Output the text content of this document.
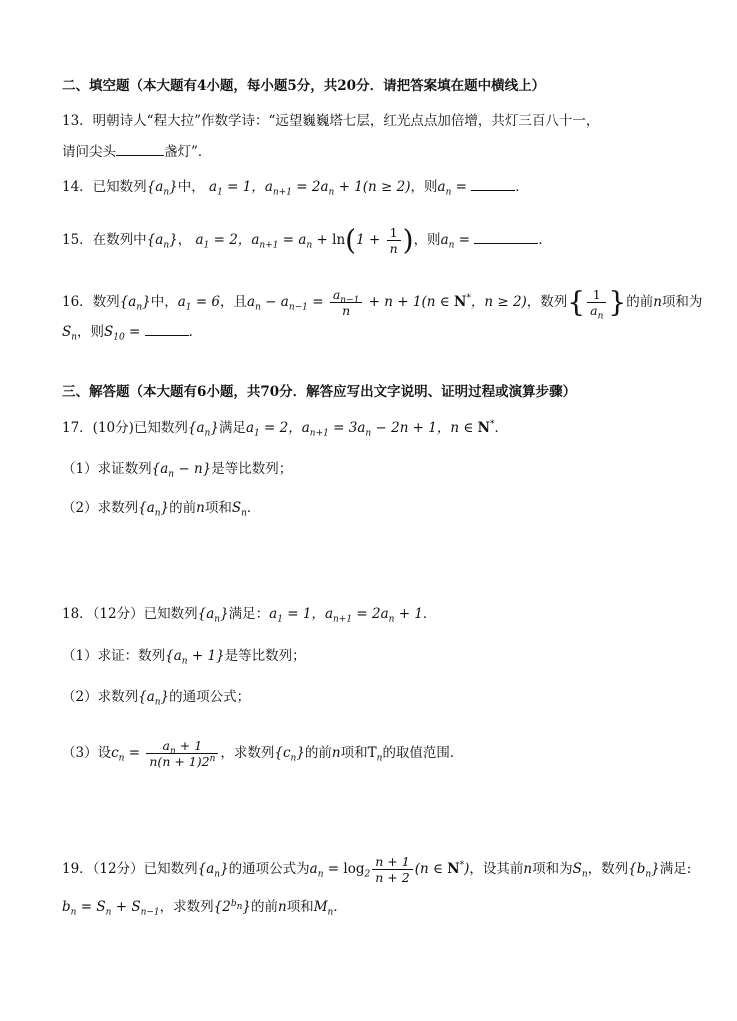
二、填空题（本大题有4小题，每小题5分，共20分．请把答案填在题中横线上）
13．明朝诗人“程大拉”作数学诗：“远望巍巍塔七层，红光点点加倍增，共灯三百八十一，
请问尖头	盏灯”．
14．已知数列$\{a_n\}$中， $a_1 = 1$，$a_{n+1} = 2a_n + 1(n \ge 2)$，则$a_n$ =	．
15．在数列中$\{a_n\}$， $a_1 = 2$，$a_{n+1} = a_n + \ln(1 + \frac{1}{n}$ )，则$a_n$ =	．
16．数列$\{a_n\}$中，$a_1 = 6$，且$a_n - a_{n-1} = \frac{a_{n-1}}{n} + n + 1(n$ ∈ N*，n ≥ 2)，数列{ $\frac{1}{a_n}$ }的前n项和为
$S_n$，则$S_{10}$ =	．
三、解答题（本大题有6小题，共70分．解答应写出文字说明、证明过程或演算步骤）
17．(10分)已知数列$\{a_n\}$满足$a_1 = 2$，$a_{n+1} = 3a_n - 2n + 1$，n ∈ N*．
（1）求证数列$\{a_n - n\}$是等比数列；
（2）求数列$\{a_n\}$的前n项和$S_n$．
18．（12分）已知数列$\{a_n\}$满足：$a_1 = 1$，$a_{n+1} = 2a_n + 1$．
（1）求证：数列$\{a_n + 1\}$是等比数列；
（2）求数列$\{a_n\}$的通项公式；
（3）设$c_n = \frac{a_n + 1}{n(n + 1)2^n}$ ，求数列$\{c_n\}$的前n项和$T_n$的取值范围．
19．（12分）已知数列$\{a_n\}$的通项公式为$a_n = \log_2 \frac{n + 1}{n + 2} (n$ ∈ N*)，设其前n项和为$S_n$，数列$\{b_n\}$满足:
$b_n = S_n + S_{n-1}$，求数列$\{2^{b_n}\}$的前n项和$M_n$．
